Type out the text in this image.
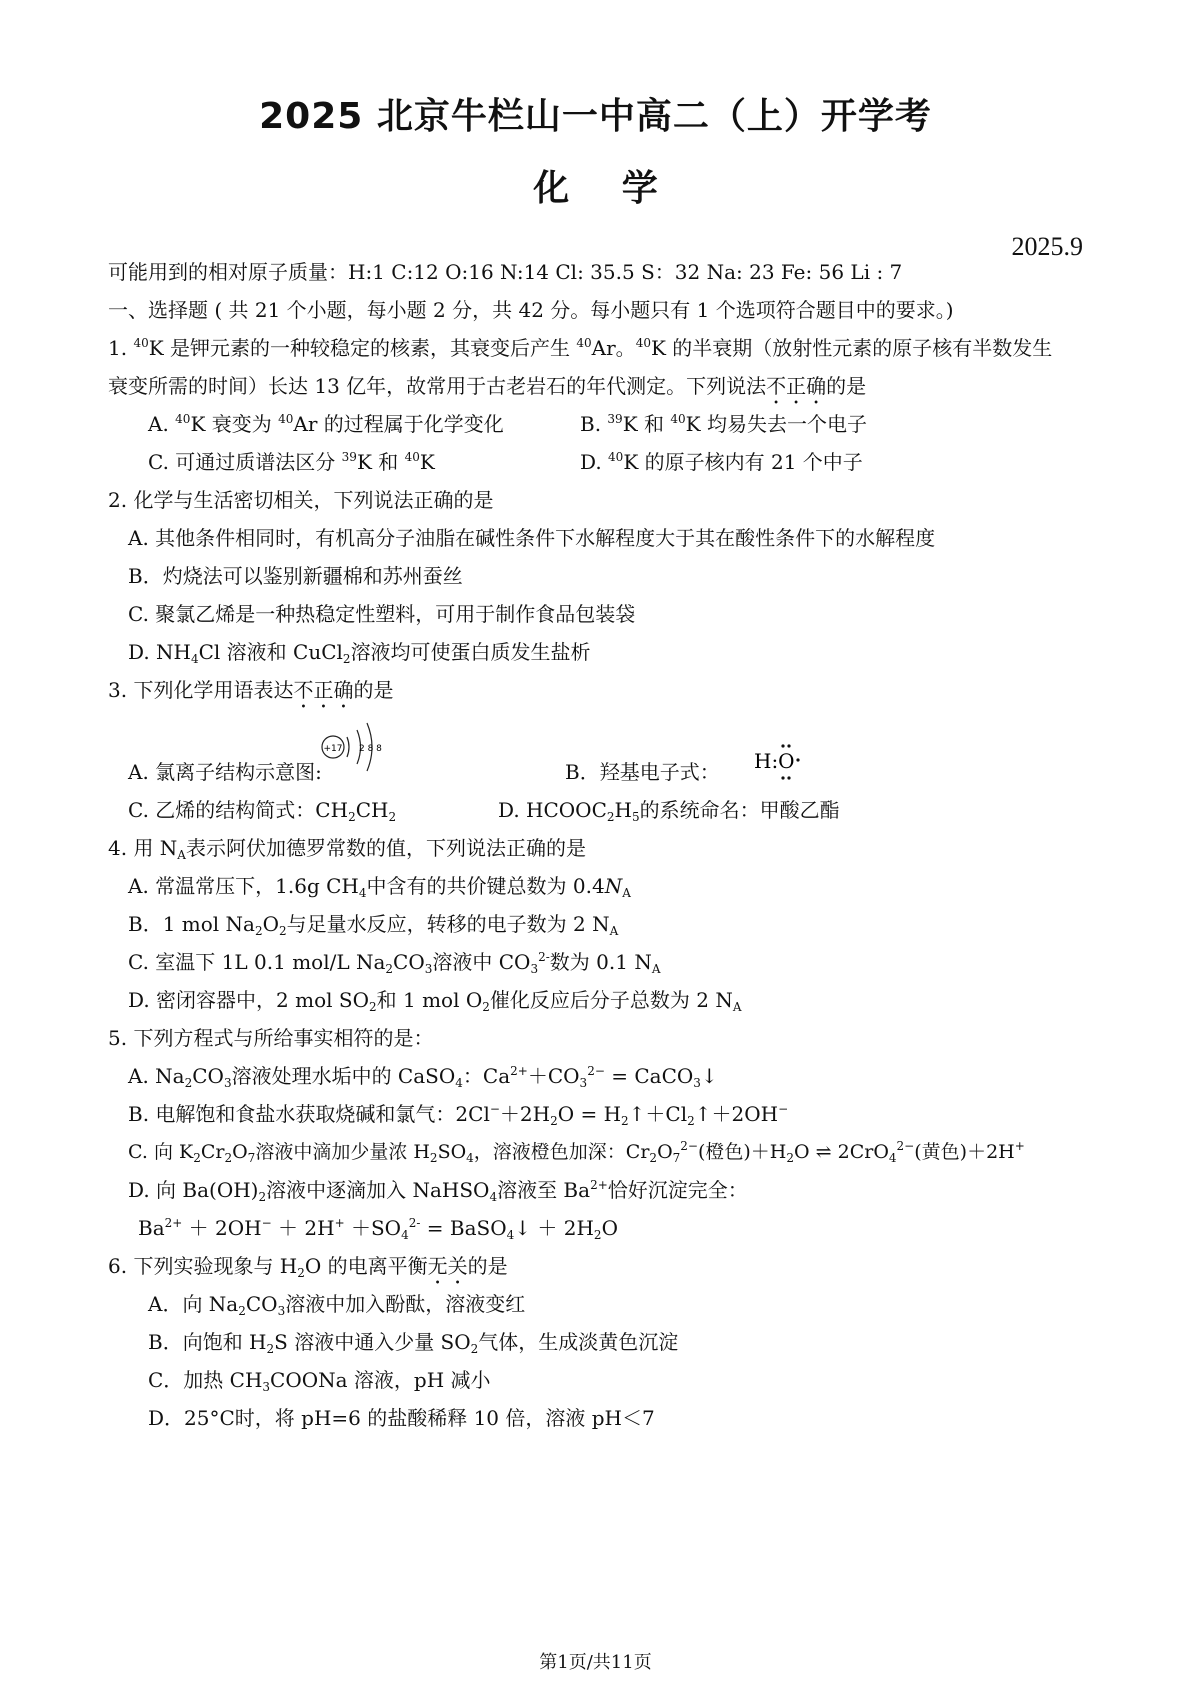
2025 北京牛栏山一中高二（上）开学考
化 学
2025.9
可能用到的相对原子质量：H:1 C:12 O:16 N:14 Cl: 35.5 S：32 Na: 23 Fe: 56 Li : 7
一、选择题 ( 共 21 个小题，每小题 2 分，共 42 分。每小题只有 1 个选项符合题目中的要求。)
1. $^{40}$K 是钾元素的一种较稳定的核素，其衰变后产生 $^{40}$Ar。$^{40}$K 的半衰期（放射性元素的原子核有半数发生
衰变所需的时间）长达 13 亿年，故常用于古老岩石的年代测定。下列说法不正确的是
A. $^{40}$K 衰变为 $^{40}$Ar 的过程属于化学变化	B. $^{39}$K 和 $^{40}$K 均易失去一个电子
C. 可通过质谱法区分 $^{39}$K 和 $^{40}$K	D. $^{40}$K 的原子核内有 21 个中子
2. 化学与生活密切相关，下列说法正确的是
A. 其他条件相同时，有机高分子油脂在碱性条件下水解程度大于其在酸性条件下的水解程度
B．灼烧法可以鉴别新疆棉和苏州蚕丝
C. 聚氯乙烯是一种热稳定性塑料，可用于制作食品包装袋
D. $NH_4Cl$ 溶液和 CuCl$_2$溶液均可使蛋白质发生盐析
3. 下列化学用语表达不正确的是
+17 2 8 8
A. 氯离子结构示意图:	B．羟基电子式： H:O
C. 乙烯的结构简式：$CH_2CH_2$	D. $HCOOC_2H_5$的系统命名：甲酸乙酯
4. 用 $N_A$表示阿伏加德罗常数的值，下列说法正确的是
A. 常温常压下，1.6g $CH_4$中含有的共价键总数为 $0.4N_A$
B．1 mol $Na_2O_2$与足量水反应，转移的电子数为 2 $N_A$
C. 室温下 1L 0.1 mol/L $Na_2CO_3$溶液中 $CO_3^{2-}$数为 0.1 $N_A$
D. 密闭容器中，2 mol $SO_2$和 1 mol $O_2$催化反应后分子总数为 2 $N_A$
5. 下列方程式与所给事实相符的是：
A. $Na_2CO_3$溶液处理水垢中的 CaSO$_4$：$Ca^{2+}+CO_3^{2-}$ = CaCO$_3$↓
B. 电解饱和食盐水获取烧碱和氯气：$2Cl^-+2H_2O$ = $H_2↑+Cl_2↑+2OH^-$
C. 向 $K_2Cr_2O_7$溶液中滴加少量浓 $H_2SO_4$，溶液橙色加深：$Cr_2O_7^{2-}$(橙色)$+H_2O$ ⇌ 2CrO$_4^{2-}$(黄色)＋2H+
D. 向 $Ba(OH)_2$溶液中逐滴加入 NaHSO$_4$溶液至 $Ba^{2+}$恰好沉淀完全：
$Ba^{2+} + 2OH^- + 2H^+ +SO_4^{2-}$ = BaSO$_4$↓ ＋ $2H_2O$
6. 下列实验现象与 $H_2O$ 的电离平衡无关的是
A．向 $Na_2CO_3$溶液中加入酚酞，溶液变红
B．向饱和 $H_2S$ 溶液中通入少量 $SO_2$气体，生成淡黄色沉淀
C．加热 $CH_3COONa$ 溶液，pH 减小
D．25°C时，将 pH=6 的盐酸稀释 10 倍，溶液 pH＜7
第1页/共11页
